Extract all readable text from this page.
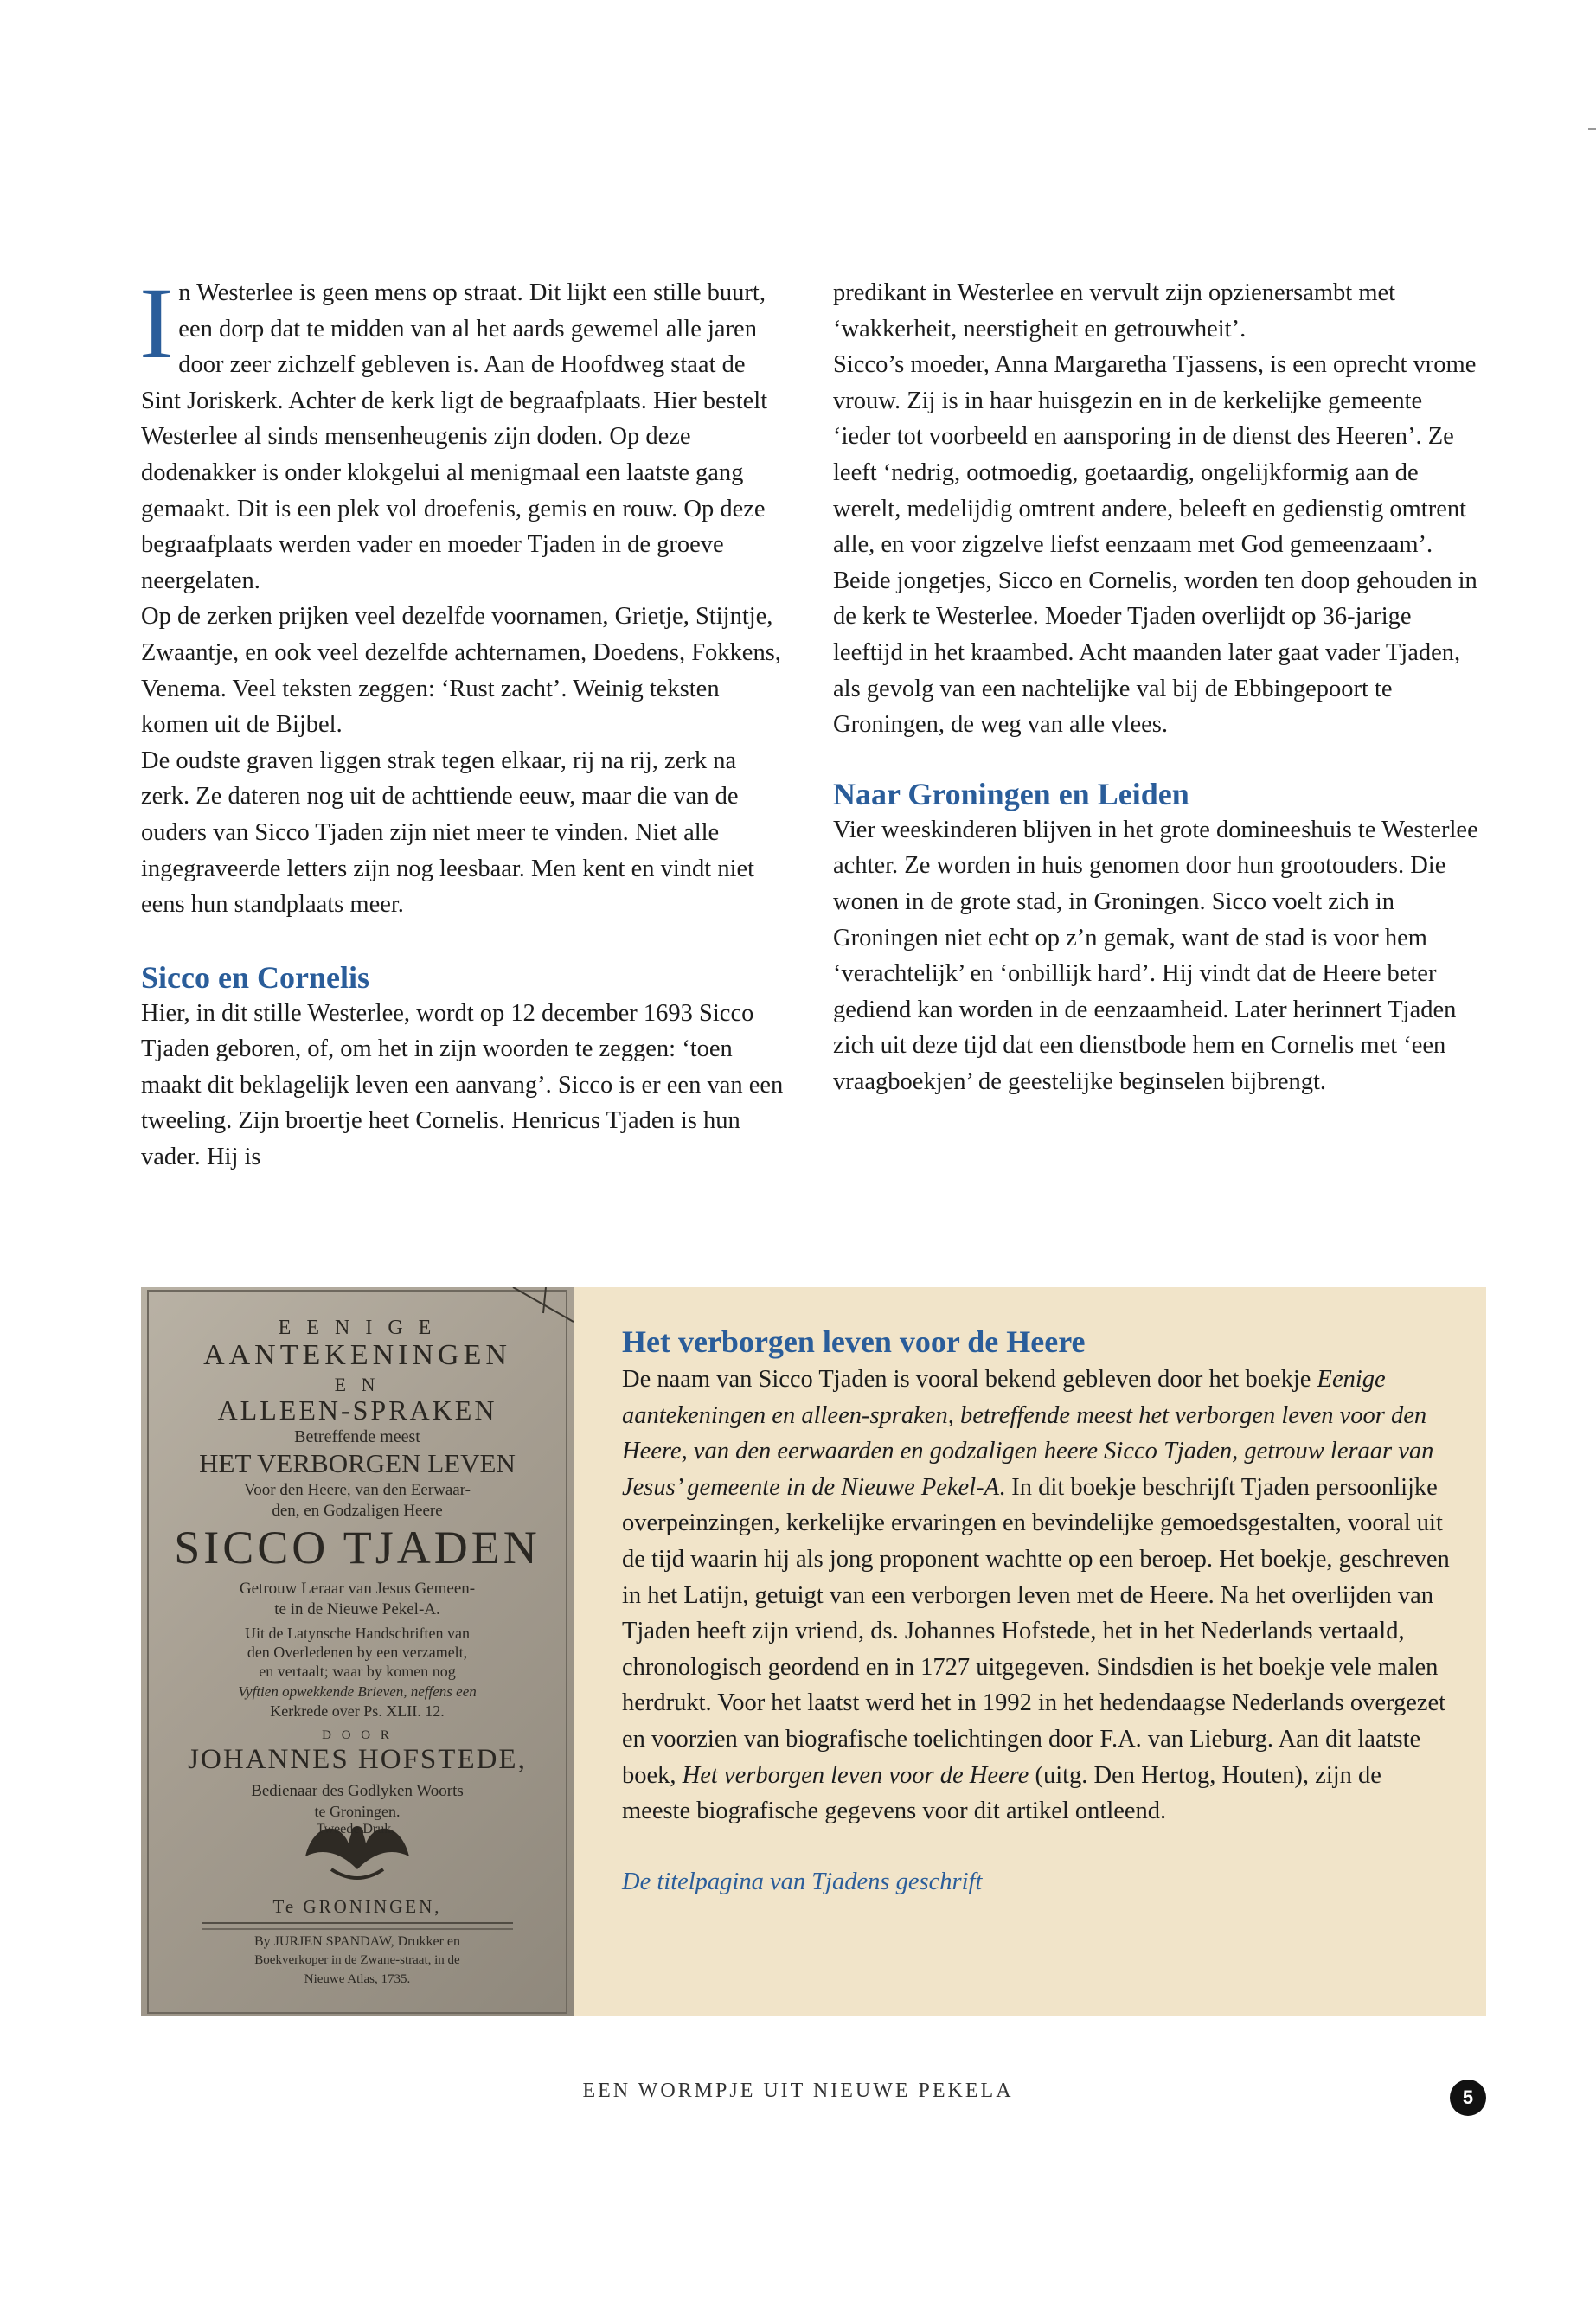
In Westerlee is geen mens op straat. Dit lijkt een stille buurt, een dorp dat te midden van al het aards gewemel alle jaren door zeer zichzelf gebleven is. Aan de Hoofdweg staat de Sint Joriskerk. Achter de kerk ligt de begraafplaats. Hier bestelt Westerlee al sinds mensenheugenis zijn doden. Op deze dodenakker is onder klokgelui al menigmaal een laatste gang gemaakt. Dit is een plek vol droefenis, gemis en rouw. Op deze begraafplaats werden vader en moeder Tjaden in de groeve neergelaten.

Op de zerken prijken veel dezelfde voornamen, Grietje, Stijntje, Zwaantje, en ook veel dezelfde achternamen, Doedens, Fokkens, Venema. Veel teksten zeggen: ‘Rust zacht’. Weinig teksten komen uit de Bijbel.

De oudste graven liggen strak tegen elkaar, rij na rij, zerk na zerk. Ze dateren nog uit de achttiende eeuw, maar die van de ouders van Sicco Tjaden zijn niet meer te vinden. Niet alle ingegraveerde letters zijn nog leesbaar. Men kent en vindt niet eens hun standplaats meer.

Sicco en Cornelis

Hier, in dit stille Westerlee, wordt op 12 december 1693 Sicco Tjaden geboren, of, om het in zijn woorden te zeggen: ‘toen maakt dit beklagelijk leven een aanvang’. Sicco is er een van een tweeling. Zijn broertje heet Cornelis. Henricus Tjaden is hun vader. Hij is

predikant in Westerlee en vervult zijn opzienersambt met ‘wakkerheit, neerstigheit en getrouwheit’.

Sicco’s moeder, Anna Margaretha Tjassens, is een oprecht vrome vrouw. Zij is in haar huisgezin en in de kerkelijke gemeente ‘ieder tot voorbeeld en aansporing in de dienst des Heeren’. Ze leeft ‘nedrig, ootmoedig, goetaardig, ongelijkformig aan de werelt, medelijdig omtrent andere, beleeft en gedienstig omtrent alle, en voor zigzelve liefst eenzaam met God gemeenzaam’.

Beide jongetjes, Sicco en Cornelis, worden ten doop gehouden in de kerk te Westerlee. Moeder Tjaden overlijdt op 36-jarige leeftijd in het kraambed. Acht maanden later gaat vader Tjaden, als gevolg van een nachtelijke val bij de Ebbingepoort te Groningen, de weg van alle vlees.

Naar Groningen en Leiden

Vier weeskinderen blijven in het grote domineeshuis te Westerlee achter. Ze worden in huis genomen door hun grootouders. Die wonen in de grote stad, in Groningen. Sicco voelt zich in Groningen niet echt op z’n gemak, want de stad is voor hem ‘verachtelijk’ en ‘onbillijk hard’. Hij vindt dat de Heere beter gediend kan worden in de eenzaamheid. Later herinnert Tjaden zich uit deze tijd dat een dienstbode hem en Cornelis met ‘een vraagboekjen’ de geestelijke beginselen bijbrengt.

E E N I G E
AANTEKENINGEN
E N
ALLEEN-SPRAKEN
Betreffende meest
HET VERBORGEN LEVEN
Voor den Heere, van den Eerwaar-
den, en Godzaligen Heere
SICCO TJADEN
Getrouw Leraar van Jesus Gemeen-
te in de Nieuwe Pekel-A.
Uit de Latynsche Handschriften van
den Overledenen by een verzamelt,
en vertaalt; waar by komen nog
Vyftien opwekkende Brieven, neffens een
Kerkrede over Ps. XLII. 12.
D O O R
JOHANNES HOFSTEDE,
Bedienaar des Godlyken Woorts
te Groningen.
Tweede Druk.
Te GRONINGEN,
By JURJEN SPANDAW, Drukker en
Boekverkoper in de Zwane-straat, in de
Nieuwe Atlas, 1735.
Het verborgen leven voor de Heere

De naam van Sicco Tjaden is vooral bekend gebleven door het boekje Eenige aantekeningen en alleen-spraken, betreffende meest het verborgen leven voor den Heere, van den eerwaarden en godzaligen heere Sicco Tjaden, getrouw leraar van Jesus’ gemeente in de Nieuwe Pekel-A. In dit boekje beschrijft Tjaden persoonlijke overpeinzingen, kerkelijke ervaringen en bevindelijke gemoedsgestalten, vooral uit de tijd waarin hij als jong proponent wachtte op een beroep. Het boekje, geschreven in het Latijn, getuigt van een verborgen leven met de Heere. Na het overlijden van Tjaden heeft zijn vriend, ds. Johannes Hofstede, het in het Nederlands vertaald, chronologisch geordend en in 1727 uitgegeven. Sindsdien is het boekje vele malen herdrukt. Voor het laatst werd het in 1992 in het hedendaagse Nederlands overgezet en voorzien van biografische toelichtingen door F.A. van Lieburg. Aan dit laatste boek, Het verborgen leven voor de Heere (uitg. Den Hertog, Houten), zijn de meeste biografische gegevens voor dit artikel ontleend.

De titelpagina van Tjadens geschrift

EEN WORMPJE UIT NIEUWE PEKELA	5
